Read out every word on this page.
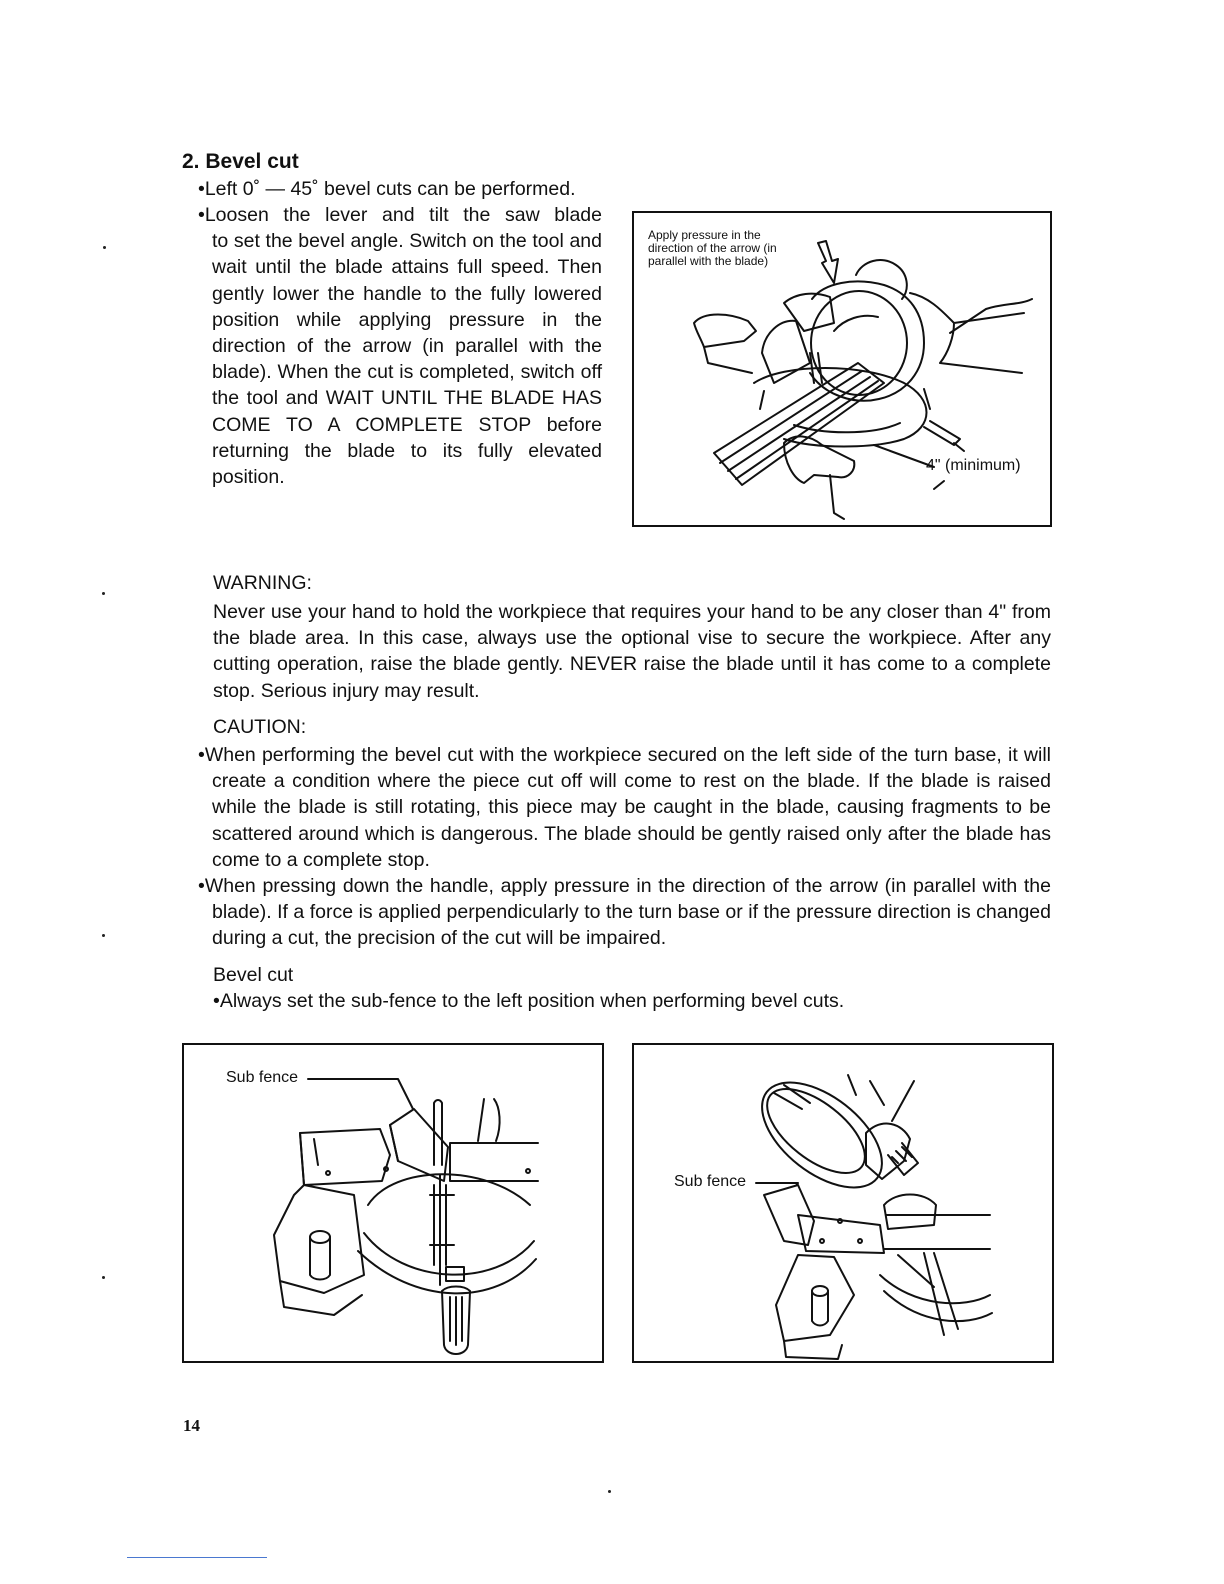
2. Bevel cut
•Left 0˚ — 45˚ bevel cuts can be performed.
•Loosen the lever and tilt the saw blade
to set the bevel angle. Switch on the tool and wait until the blade attains full speed. Then gently lower the handle to the fully lowered position while applying pressure in the direction of the arrow (in parallel with the blade). When the cut is completed, switch off the tool and WAIT UNTIL THE BLADE HAS COME TO A COMPLETE STOP before returning the blade to its fully elevated position.
Apply pressure in the
direction of the arrow (in
parallel with the blade)
4" (minimum)
WARNING:
Never use your hand to hold the workpiece that requires your hand to be any closer than 4" from the blade area. In this case, always use the optional vise to secure the workpiece. After any cutting operation, raise the blade gently. NEVER raise the blade until it has come to a complete stop. Serious injury may result.
CAUTION:
•When performing the bevel cut with the workpiece secured on the left side of the turn base, it will create a condition where the piece cut off will come to rest on the blade. If the blade is raised while the blade is still rotating, this piece may be caught in the blade, causing fragments to be scattered around which is dangerous. The blade should be gently raised only after the blade has come to a complete stop.
•When pressing down the handle, apply pressure in the direction of the arrow (in parallel with the blade). If a force is applied perpendicularly to the turn base or if the pressure direction is changed during a cut, the precision of the cut will be impaired.
Bevel cut
•Always set the sub-fence to the left position when performing bevel cuts.
Sub fence
Sub fence
14
